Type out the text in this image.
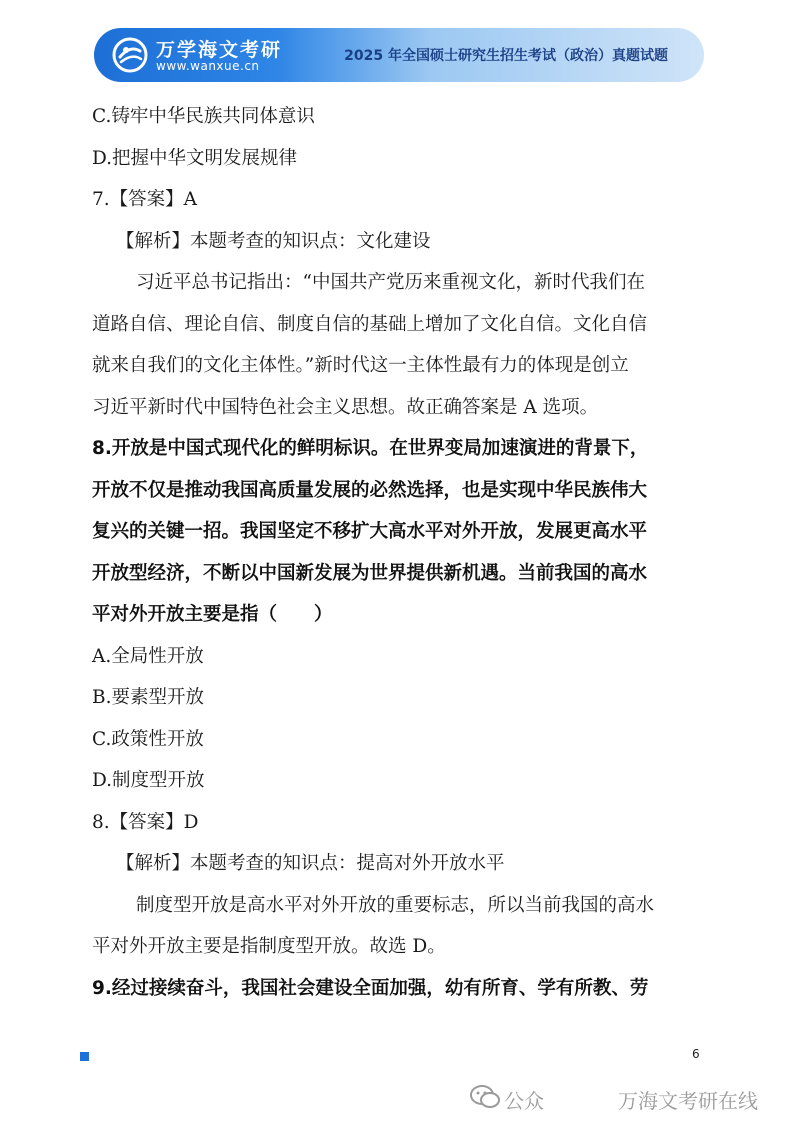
万学海文考研
www.wanxue.cn
2025 年全国硕士研究生招生考试（政治）真题试题
C.铸牢中华民族共同体意识
D.把握中华文明发展规律
7.【答案】A
【解析】本题考查的知识点：文化建设
习近平总书记指出：“中国共产党历来重视文化，新时代我们在
道路自信、理论自信、制度自信的基础上增加了文化自信。文化自信
就来自我们的文化主体性。”新时代这一主体性最有力的体现是创立
习近平新时代中国特色社会主义思想。故正确答案是 A 选项。
8.开放是中国式现代化的鲜明标识。在世界变局加速演进的背景下，
开放不仅是推动我国高质量发展的必然选择，也是实现中华民族伟大
复兴的关键一招。我国坚定不移扩大高水平对外开放，发展更高水平
开放型经济，不断以中国新发展为世界提供新机遇。当前我国的高水
平对外开放主要是指（　　）
A.全局性开放
B.要素型开放
C.政策性开放
D.制度型开放
8.【答案】D
【解析】本题考查的知识点：提高对外开放水平
制度型开放是高水平对外开放的重要标志，所以当前我国的高水
平对外开放主要是指制度型开放。故选 D。
9.经过接续奋斗，我国社会建设全面加强，幼有所育、学有所教、劳
6
公众	万海文考研在线
